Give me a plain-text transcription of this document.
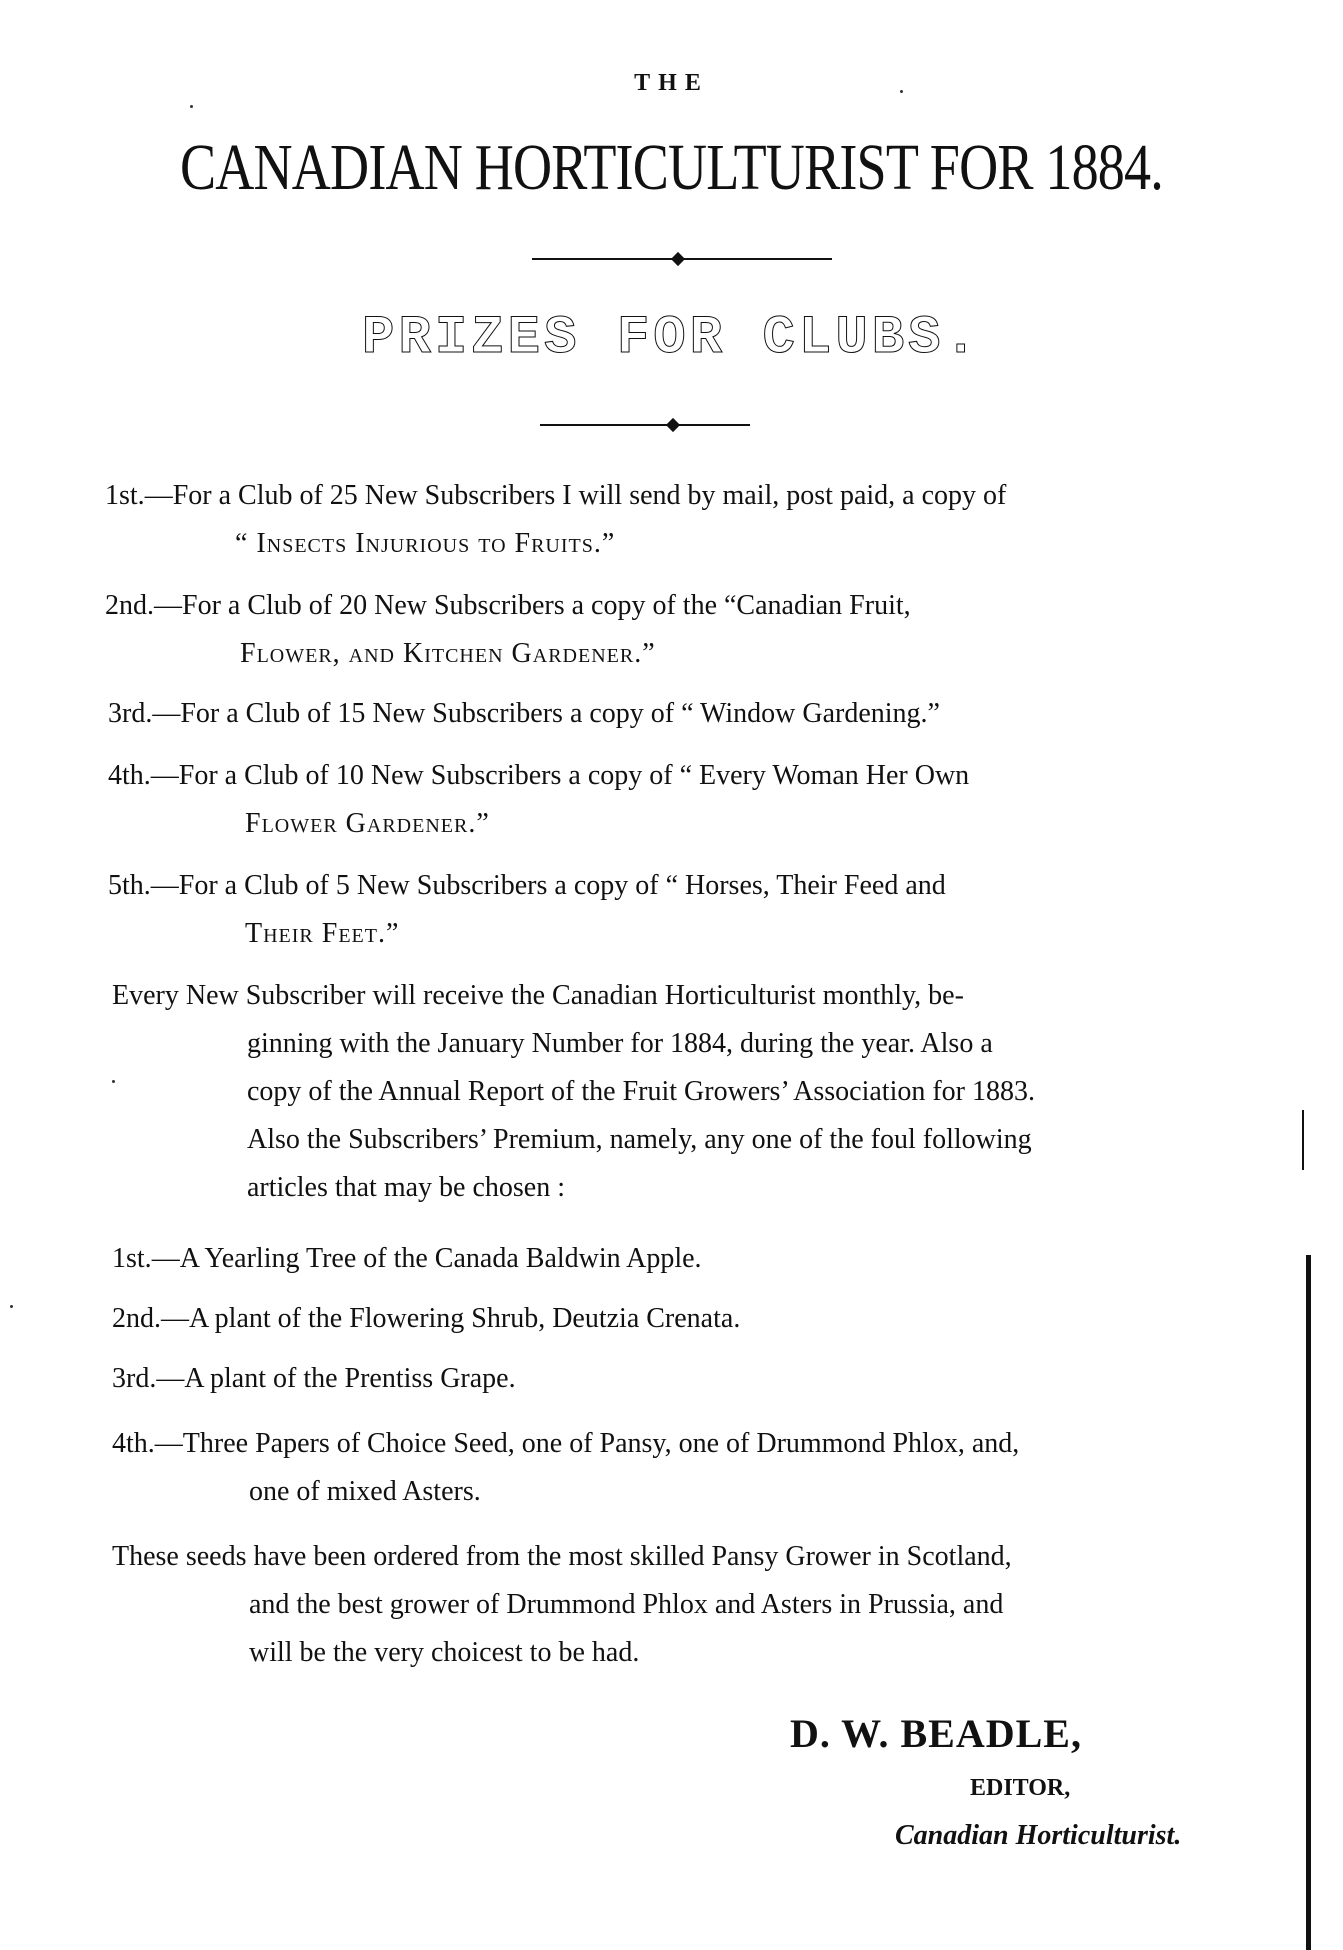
THE
CANADIAN HORTICULTURIST FOR 1884.
PRIZES FOR CLUBS.
1st.—For a Club of 25 New Subscribers I will send by mail, post paid, a copy of
“ Insects Injurious to Fruits.”
2nd.—For a Club of 20 New Subscribers a copy of the “Canadian Fruit,
Flower, and Kitchen Gardener.”
3rd.—For a Club of 15 New Subscribers a copy of “ Window Gardening.”
4th.—For a Club of 10 New Subscribers a copy of “ Every Woman Her Own
Flower Gardener.”
5th.—For a Club of 5 New Subscribers a copy of “ Horses, Their Feed and
Their Feet.”
Every New Subscriber will receive the Canadian Horticulturist monthly, be-
ginning with the January Number for 1884, during the year. Also a
copy of the Annual Report of the Fruit Growers’ Association for 1883.
Also the Subscribers’ Premium, namely, any one of the foul following
articles that may be chosen :
1st.—A Yearling Tree of the Canada Baldwin Apple.
2nd.—A plant of the Flowering Shrub, Deutzia Crenata.
3rd.—A plant of the Prentiss Grape.
4th.—Three Papers of Choice Seed, one of Pansy, one of Drummond Phlox, and,
one of mixed Asters.
These seeds have been ordered from the most skilled Pansy Grower in Scotland,
and the best grower of Drummond Phlox and Asters in Prussia, and
will be the very choicest to be had.
D. W. BEADLE,
EDITOR,
Canadian Horticulturist.
